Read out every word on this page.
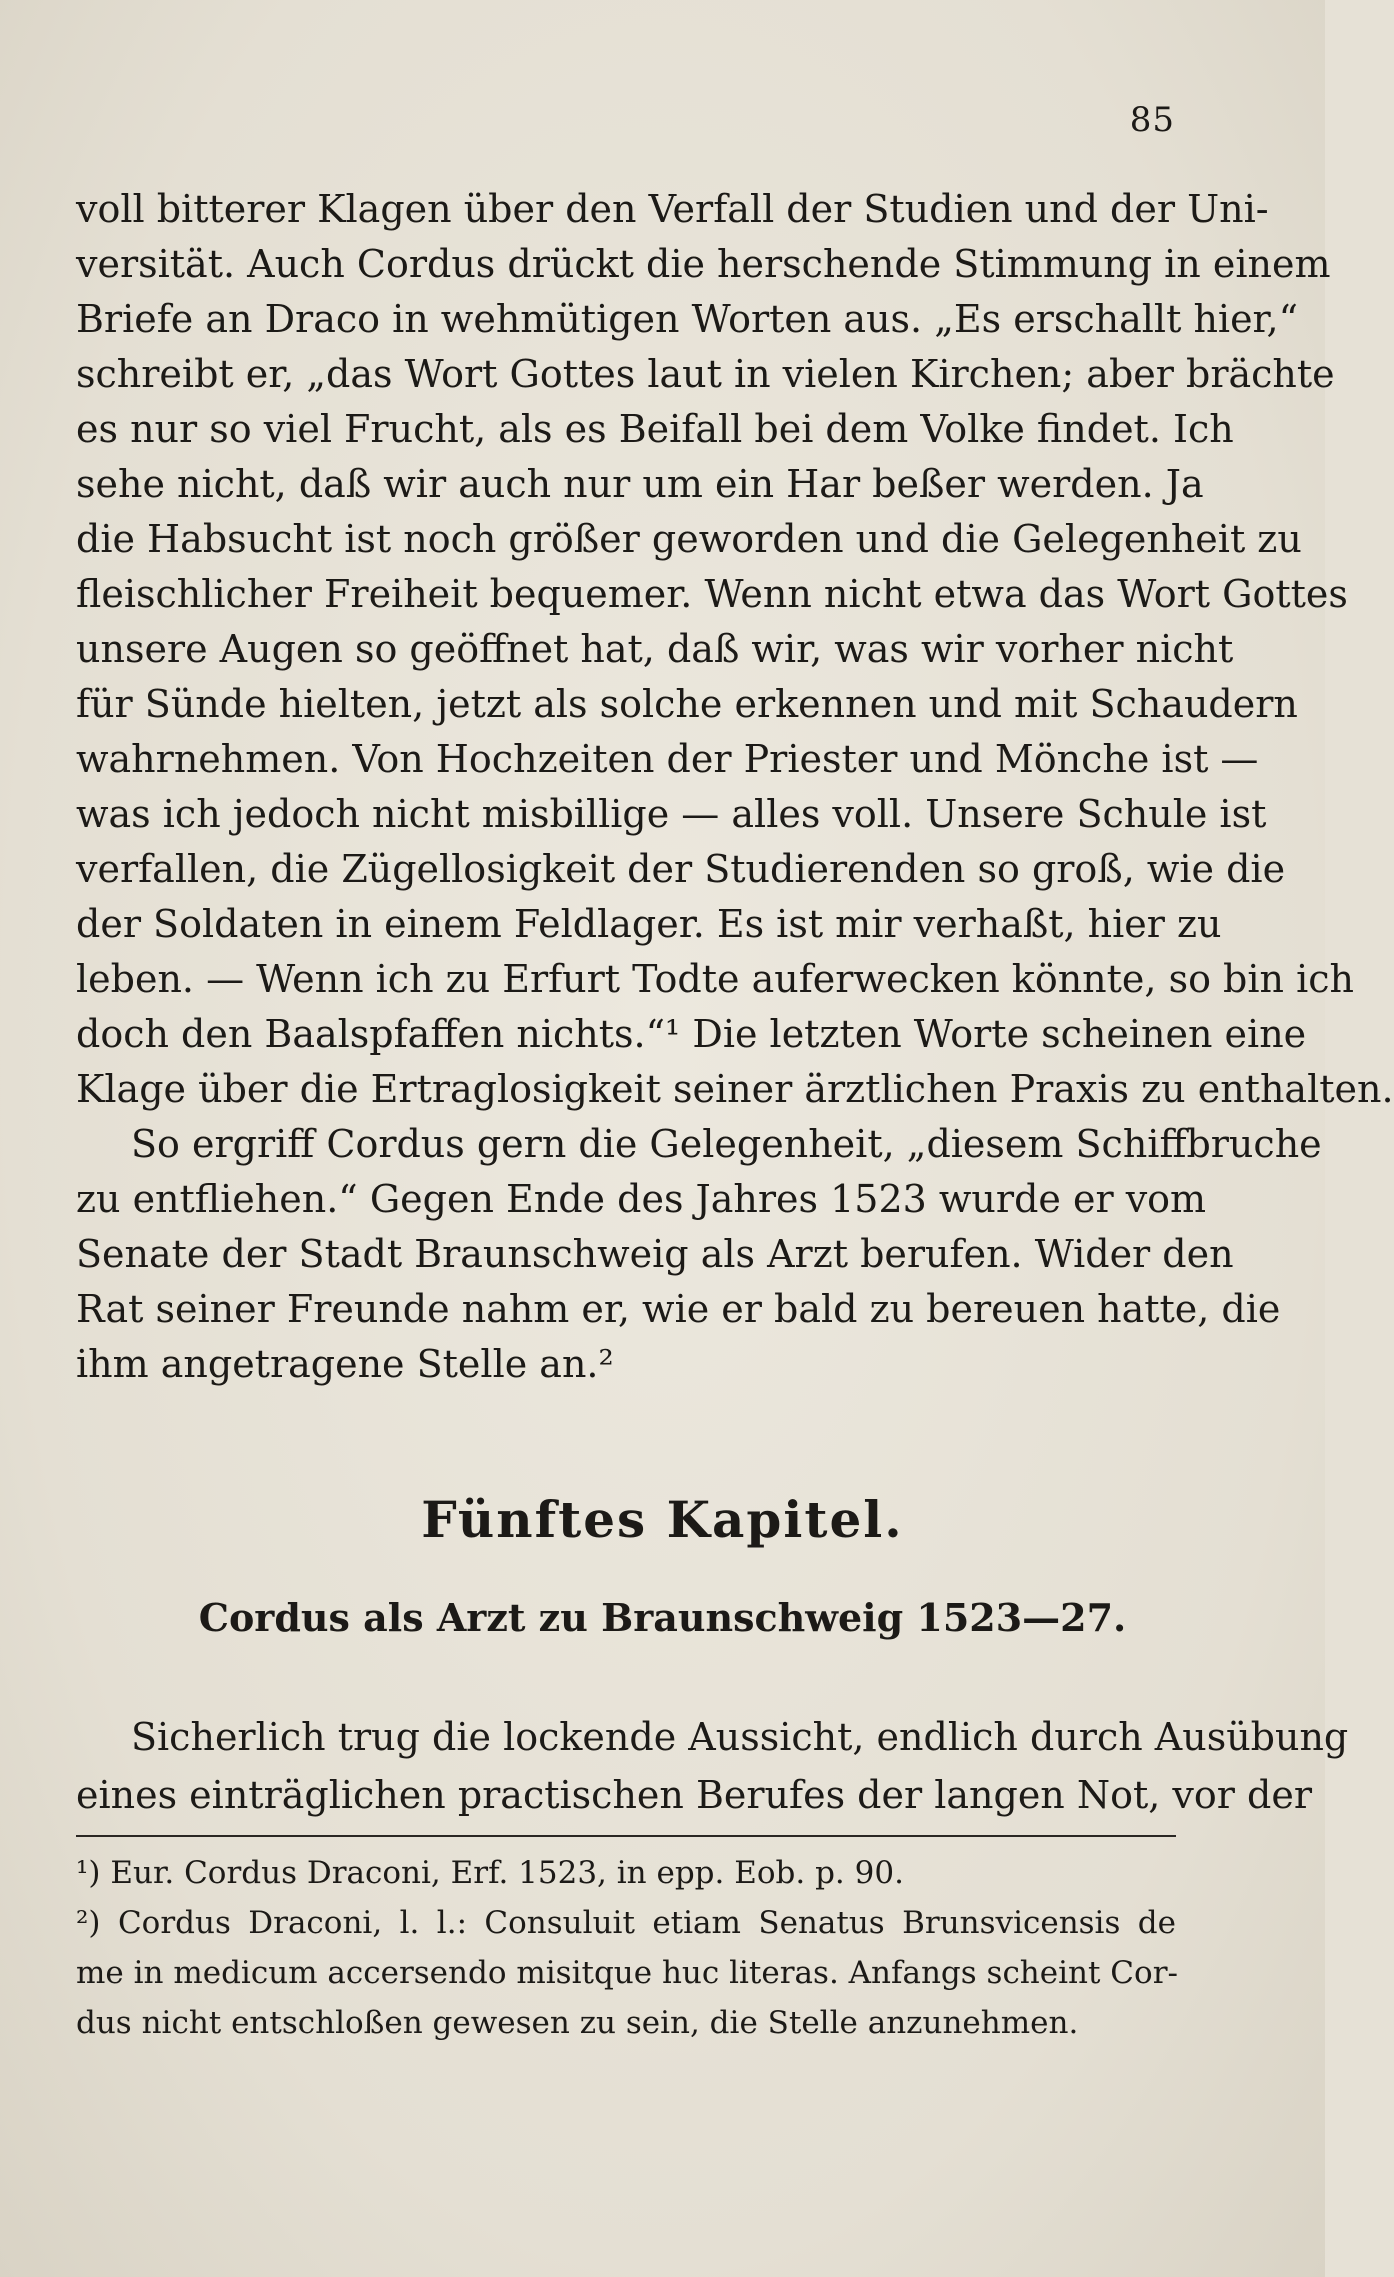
85
voll bitterer Klagen über den Verfall der Studien und der Uni-
versität. Auch Cordus drückt die herschende Stimmung in einem
Briefe an Draco in wehmütigen Worten aus. „Es erschallt hier,“
schreibt er, „das Wort Gottes laut in vielen Kirchen; aber brächte
es nur so viel Frucht, als es Beifall bei dem Volke findet. Ich
sehe nicht, daß wir auch nur um ein Har beßer werden. Ja
die Habsucht ist noch größer geworden und die Gelegenheit zu
fleischlicher Freiheit bequemer. Wenn nicht etwa das Wort Gottes
unsere Augen so geöffnet hat, daß wir, was wir vorher nicht
für Sünde hielten, jetzt als solche erkennen und mit Schaudern
wahrnehmen. Von Hochzeiten der Priester und Mönche ist —
was ich jedoch nicht misbillige — alles voll. Unsere Schule ist
verfallen, die Zügellosigkeit der Studierenden so groß, wie die
der Soldaten in einem Feldlager. Es ist mir verhaßt, hier zu
leben. — Wenn ich zu Erfurt Todte auferwecken könnte, so bin ich
doch den Baalspfaffen nichts.“¹ Die letzten Worte scheinen eine
Klage über die Ertraglosigkeit seiner ärztlichen Praxis zu enthalten.
So ergriff Cordus gern die Gelegenheit, „diesem Schiffbruche
zu entfliehen.“ Gegen Ende des Jahres 1523 wurde er vom
Senate der Stadt Braunschweig als Arzt berufen. Wider den
Rat seiner Freunde nahm er, wie er bald zu bereuen hatte, die
ihm angetragene Stelle an.²
Fünftes Kapitel.
Cordus als Arzt zu Braunschweig 1523—27.
Sicherlich trug die lockende Aussicht, endlich durch Ausübung
eines einträglichen practischen Berufes der langen Not, vor der
¹) Eur. Cordus Draconi, Erf. 1523, in epp. Eob. p. 90.
²) Cordus Draconi, l. l.: Consuluit etiam Senatus Brunsvicensis de
me in medicum accersendo misitque huc literas. Anfangs scheint Cor-
dus nicht entschloßen gewesen zu sein, die Stelle anzunehmen.
